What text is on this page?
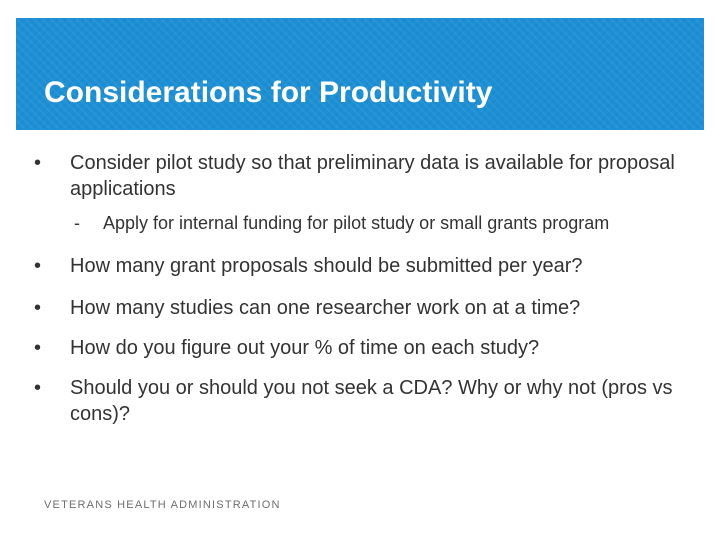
Considerations for Productivity
•	Consider pilot study so that preliminary data is available for proposal applications
- Apply for internal funding for pilot study or small grants program
•	How many grant proposals should be submitted per year?
•	How many studies can one researcher work on at a time?
•	How do you figure out your % of time on each study?
•	Should you or should you not seek a CDA? Why or why not (pros vs cons)?
VETERANS HEALTH ADMINISTRATION
